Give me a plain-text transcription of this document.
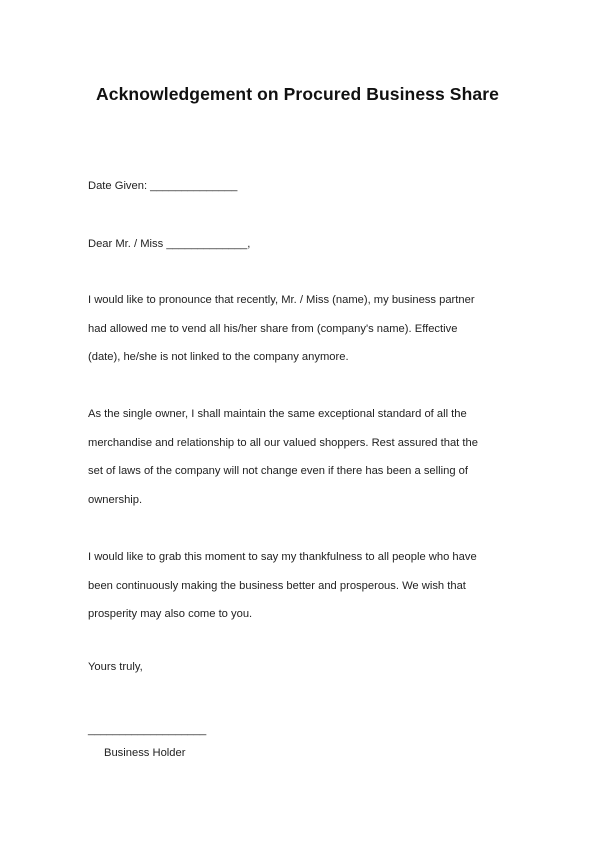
Acknowledgement on Procured Business Share
Date Given: ______________
Dear Mr. / Miss _____________,
I would like to pronounce that recently, Mr. / Miss (name), my business partner
had allowed me to vend all his/her share from (company's name). Effective
(date), he/she is not linked to the company anymore.
As the single owner, I shall maintain the same exceptional standard of all the
merchandise and relationship to all our valued shoppers. Rest assured that the
set of laws of the company will not change even if there has been a selling of
ownership.
I would like to grab this moment to say my thankfulness to all people who have
been continuously making the business better and prosperous. We wish that
prosperity may also come to you.
Yours truly,
___________________
Business Holder
